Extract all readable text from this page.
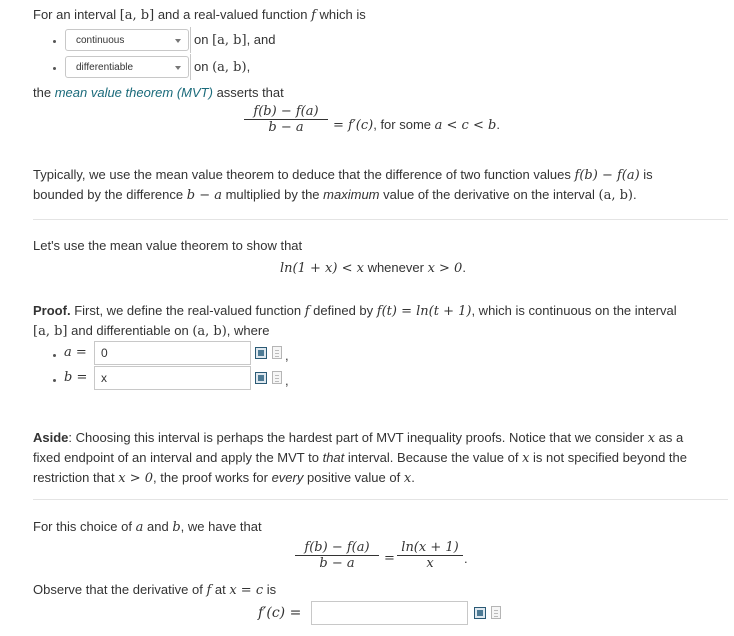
For an interval [a, b] and a real-valued function f which is
continuous	on [a, b], and
differentiable	on (a, b),
the mean value theorem (MVT) asserts that
f(b) − f(a)
b − a	= f′(c), for some a < c < b.
Typically, we use the mean value theorem to deduce that the difference of two function values f(b) − f(a) is
bounded by the difference b − a multiplied by the maximum value of the derivative on the interval (a, b).
Let's use the mean value theorem to show that
ln(1 + x) < x whenever x > 0.
Proof. First, we define the real-valued function f defined by f(t) = ln(t + 1), which is continuous on the interval
[a, b] and differentiable on (a, b), where
a =	0	,
b =	x	,
Aside: Choosing this interval is perhaps the hardest part of MVT inequality proofs. Notice that we consider x as a
fixed endpoint of an interval and apply the MVT to that interval. Because the value of x is not specified beyond the
restriction that x > 0, the proof works for every positive value of x.
For this choice of a and b, we have that
f(b) − f(a)
b − a	=
ln(x + 1)
x	.
Observe that the derivative of f at x = c is
f′(c) =
